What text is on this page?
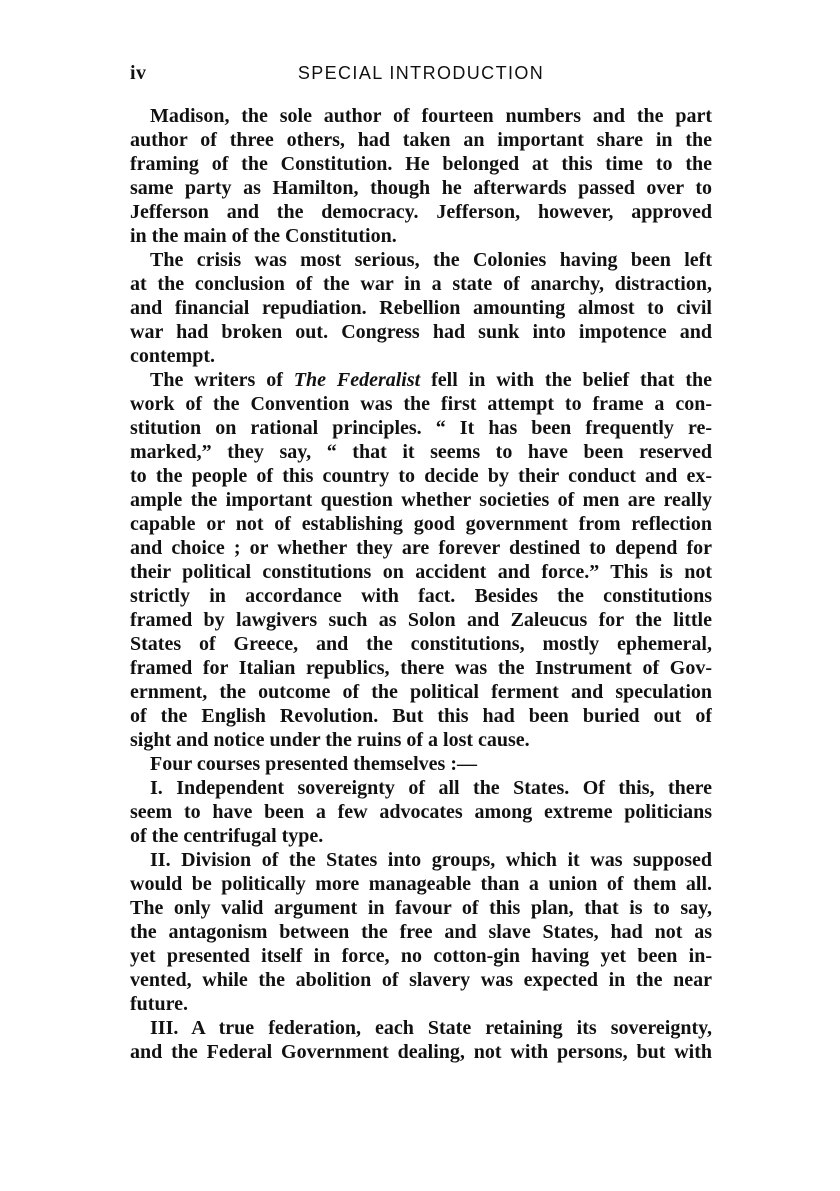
iv	SPECIAL INTRODUCTION
Madison, the sole author of fourteen numbers and the part
author of three others, had taken an important share in the
framing of the Constitution. He belonged at this time to the
same party as Hamilton, though he afterwards passed over to
Jefferson and the democracy. Jefferson, however, approved
in the main of the Constitution.
The crisis was most serious, the Colonies having been left
at the conclusion of the war in a state of anarchy, distraction,
and financial repudiation. Rebellion amounting almost to civil
war had broken out. Congress had sunk into impotence and
contempt.
The writers of The Federalist fell in with the belief that the
work of the Convention was the first attempt to frame a con-
stitution on rational principles. “ It has been frequently re-
marked,” they say, “ that it seems to have been reserved
to the people of this country to decide by their conduct and ex-
ample the important question whether societies of men are really
capable or not of establishing good government from reflection
and choice ; or whether they are forever destined to depend for
their political constitutions on accident and force.” This is not
strictly in accordance with fact. Besides the constitutions
framed by lawgivers such as Solon and Zaleucus for the little
States of Greece, and the constitutions, mostly ephemeral,
framed for Italian republics, there was the Instrument of Gov-
ernment, the outcome of the political ferment and speculation
of the English Revolution. But this had been buried out of
sight and notice under the ruins of a lost cause.
Four courses presented themselves :—
I. Independent sovereignty of all the States. Of this, there
seem to have been a few advocates among extreme politicians
of the centrifugal type.
II. Division of the States into groups, which it was supposed
would be politically more manageable than a union of them all.
The only valid argument in favour of this plan, that is to say,
the antagonism between the free and slave States, had not as
yet presented itself in force, no cotton-gin having yet been in-
vented, while the abolition of slavery was expected in the near
future.
III. A true federation, each State retaining its sovereignty,
and the Federal Government dealing, not with persons, but with
